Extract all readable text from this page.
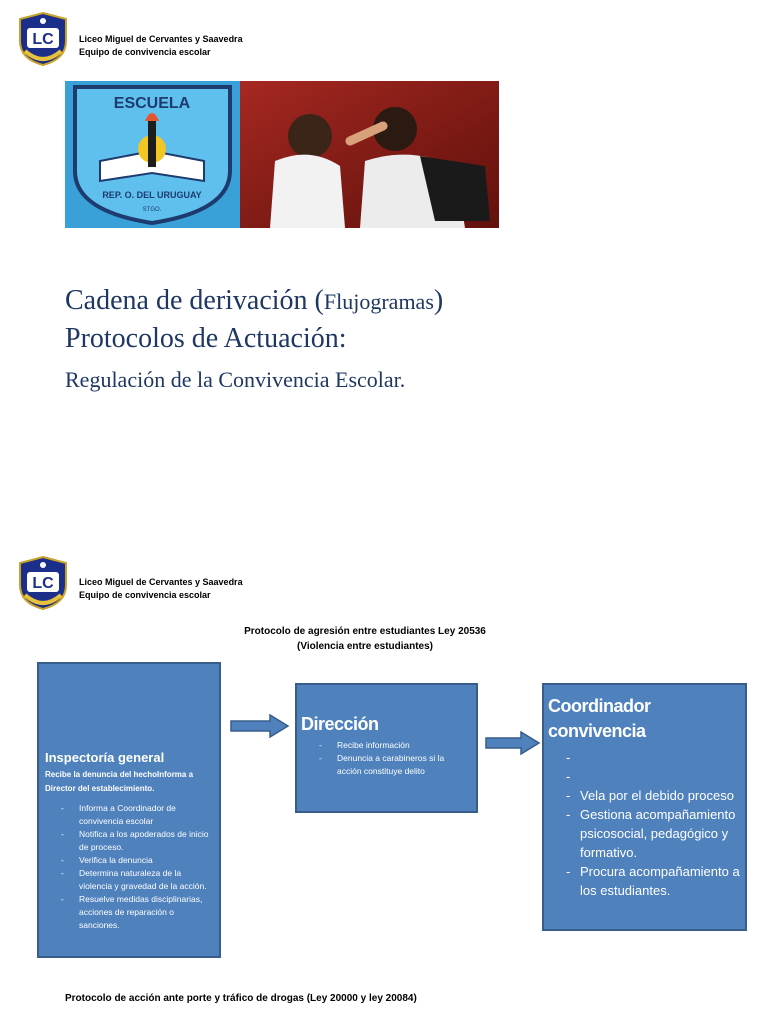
LC	Liceo Miguel de Cervantes y Saavedra
Equipo de convivencia escolar
ESCUELA
REP. O. DEL URUGUAY
STGO.
Cadena de derivación (Flujogramas)
Protocolos de Actuación:
Regulación de la Convivencia Escolar.
LC	Liceo Miguel de Cervantes y Saavedra
Equipo de convivencia escolar
Protocolo de agresión entre estudiantes Ley 20536
(Violencia entre estudiantes)
Inspectoría general
Recibe la denuncia del hechoInforma a Director del establecimiento.
- Informa a Coordinador de convivencia escolar
- Notifica a los apoderados de inicio de proceso.
- Verifica la denuncia
- Determina naturaleza de la violencia y gravedad de la acción.
- Resuelve medidas disciplinarias, acciones de reparación o sanciones.
Dirección
- Recibe información
- Denuncia a carabineros si la acción constituye delito
Coordinador convivencia
-
-
- Vela por el debido proceso
- Gestiona acompañamiento psicosocial, pedagógico y formativo.
- Procura acompañamiento a los estudiantes.
Protocolo de acción ante porte y tráfico de drogas (Ley 20000 y ley 20084)
